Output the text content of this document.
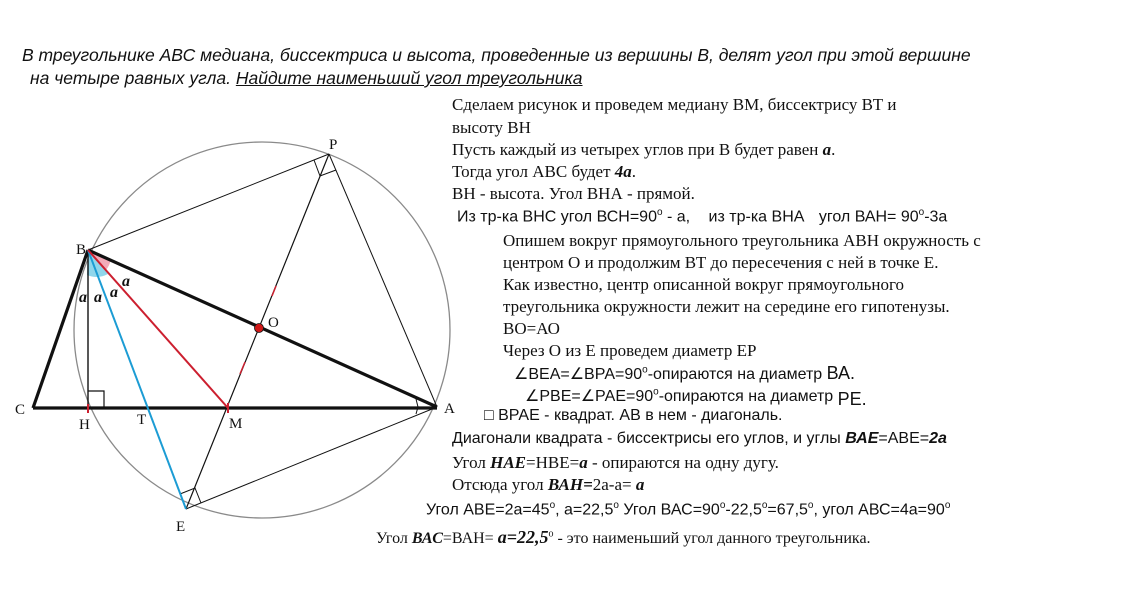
В треугольнике АВС медиана, биссектриса и высота, проведенные из вершины В, делят угол при этой вершине
на четыре равных угла. Найдите наименьший угол треугольника
a a a
a
B
C
H	T	M
A
O
P
E
Сделаем рисунок и проведем медиану ВМ, биссектрису ВТ и
высоту ВН
Пусть каждый из четырех углов при В будет равен a.
Тогда угол АВС будет 4a.
ВН - высота. Угол ВНА - прямой.
Из тр-ка ВНС угол $ВСН=90^о - а$, из тр-ка ВНА угол $ВАН= 90^о-3а$
Опишем вокруг прямоугольного треугольника АВН окружность с
центром О и продолжим ВТ до пересечения с ней в точке Е.
Как известно, центр описанной вокруг прямоугольного
треугольника окружности лежит на середине его гипотенузы.
ВО=АО
Через О из Е проведем диаметр ЕР
$\angle ВЕА=\angle ВРА=90^о$-опираются на диаметр ВА.
$\angle РВЕ=\angle РАЕ=90^о$-опираются на диаметр РЕ.
□ ВРАЕ - квадрат. АВ в нем - диагональ.
Диагонали квадрата - биссектрисы его углов, и углы ВАЕ=АВЕ=2a
Угол НАЕ=НВЕ=a - опираются на одну дугу.
Отсюда угол ВАН=2a-a= a
Угол $АВЕ=2а=45^о$, $а=22,5^о$ Угол $ВАС=90^о-22,5^о=67,5^о$, угол $АВС=4а=90^о$
Угол $ВАС=ВАН= a=22,5^о$ - это наименьший угол данного треугольника.
